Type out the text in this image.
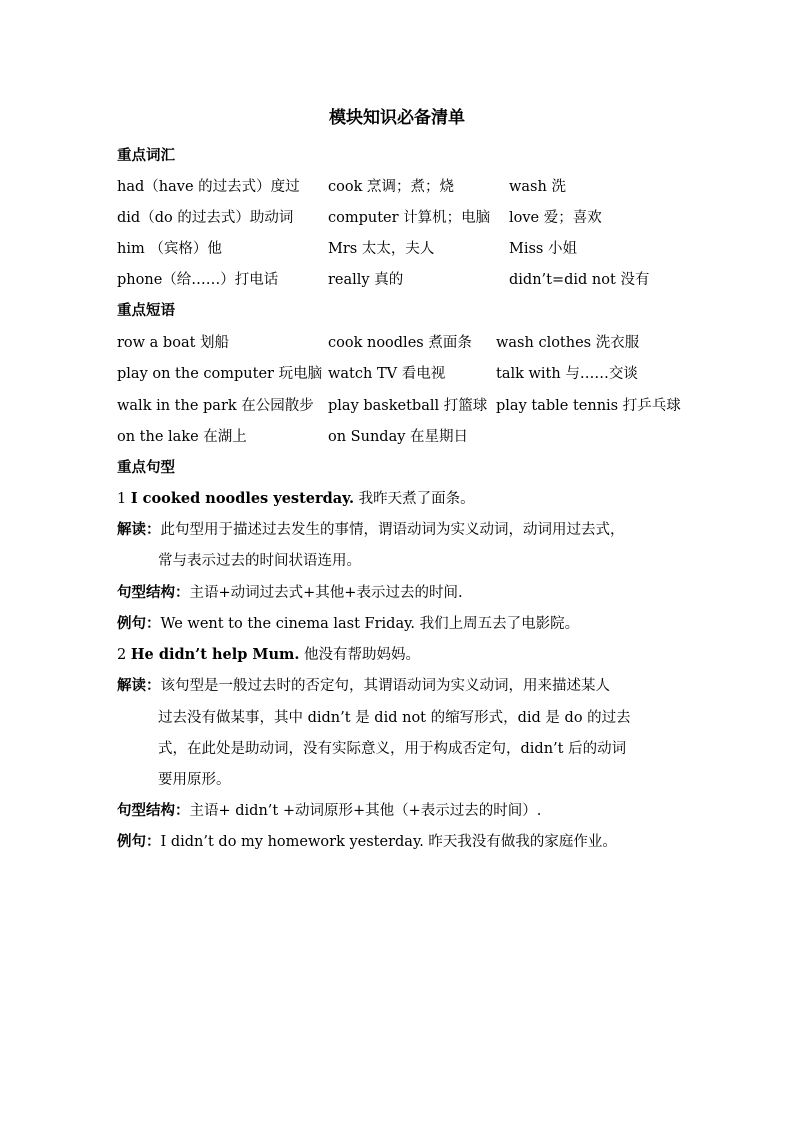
模块知识必备清单
重点词汇
had（have 的过去式）度过 cook 烹调；煮；烧	wash 洗
did（do 的过去式）助动词 computer 计算机；电脑 love 爱；喜欢
him （宾格）他	Mrs 太太，夫人	Miss 小姐
phone（给……）打电话	really 真的	didn’t=did not 没有
重点短语
row a boat 划船	cook noodles 煮面条 wash clothes 洗衣服
play on the computer 玩电脑 watch TV 看电视	talk with 与……交谈
walk in the park 在公园散步 play basketball 打篮球 play table tennis 打乒乓球
on the lake 在湖上	on Sunday 在星期日
重点句型
1 I cooked noodles yesterday. 我昨天煮了面条。
解读：此句型用于描述过去发生的事情，谓语动词为实义动词，动词用过去式，
常与表示过去的时间状语连用。
句型结构：主语+动词过去式+其他+表示过去的时间.
例句：We went to the cinema last Friday. 我们上周五去了电影院。
2 He didn’t help Mum. 他没有帮助妈妈。
解读：该句型是一般过去时的否定句，其谓语动词为实义动词，用来描述某人
过去没有做某事，其中 didn’t 是 did not 的缩写形式，did 是 do 的过去
式，在此处是助动词，没有实际意义，用于构成否定句，didn’t 后的动词
要用原形。
句型结构：主语+ didn’t +动词原形+其他（+表示过去的时间）.
例句：I didn’t do my homework yesterday. 昨天我没有做我的家庭作业。
